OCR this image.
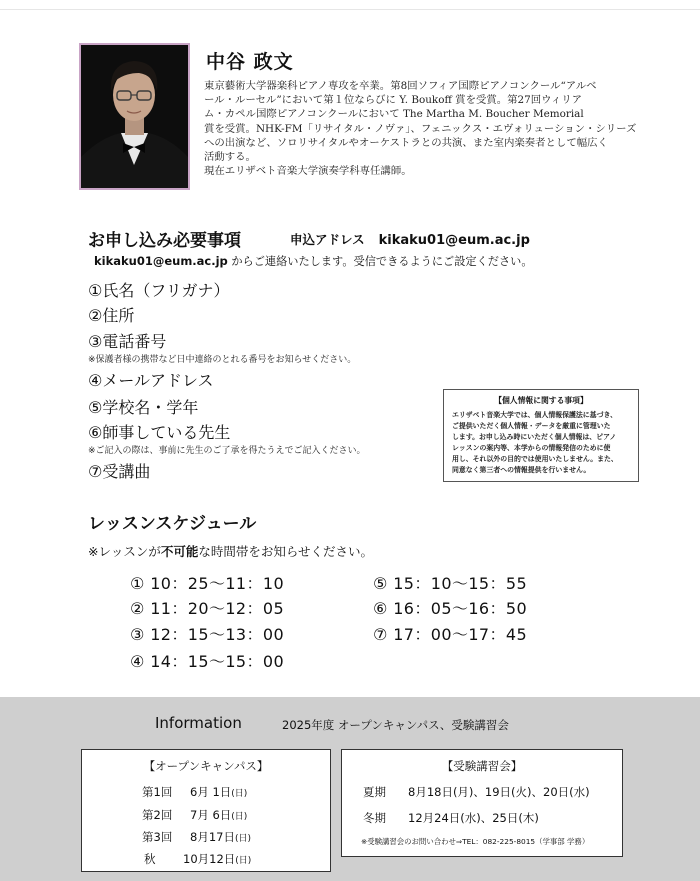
中谷 政文
東京藝術大学器楽科ピアノ専攻を卒業。第8回ソフィア国際ピアノコンクール“アルベ
ール・ルーセル”において第１位ならびに Y. Boukoff 賞を受賞。第27回ウィリア
ム・カペル国際ピアノコンクールにおいて The Martha M. Boucher Memorial
賞を受賞。NHK-FM「リサイタル・ノヴァ」、フェニックス・エヴォリューション・シリーズ
への出演など、ソロリサイタルやオーケストラとの共演、また室内楽奏者として幅広く
活動する。
現在エリザベト音楽大学演奏学科専任講師。
お申し込み必要事項	申込アドレス kikaku01@eum.ac.jp
kikaku01@eum.ac.jp からご連絡いたします。受信できるようにご設定ください。
①氏名（フリガナ）
②住所
③電話番号
※保護者様の携帯など日中連絡のとれる番号をお知らせください。
④メールアドレス
⑤学校名・学年
⑥師事している先生
※ご記入の際は、事前に先生のご了承を得たうえでご記入ください。
⑦受講曲
【個人情報に関する事項】
エリザベト音楽大学では、個人情報保護法に基づき、
ご提供いただく個人情報・データを厳重に管理いた
します。お申し込み時にいただく個人情報は、ピアノ
レッスンの案内等、本学からの情報発信のために使
用し、それ以外の目的では使用いたしません。また、
同意なく第三者への情報提供を行いません。
レッスンスケジュール
※レッスンが不可能な時間帯をお知らせください。
① 10：25〜11：10
② 11：20〜12：05
③ 12：15〜13：00
④ 14：15〜15：00
⑤ 15：10〜15：55
⑥ 16：05〜16：50
⑦ 17：00〜17：45
Information	2025年度 オープンキャンパス、受験講習会
【オープンキャンパス】
第1回 6月 1日(日)
第2回 7月 6日(日)
第3回 8月17日(日)
秋 10月12日(日)
【受験講習会】
夏期 8月18日(月)、19日(火)、20日(水)
冬期 12月24日(水)、25日(木)
※受験講習会のお問い合わせ⇒TEL：082-225-8015（学事部 学務）
